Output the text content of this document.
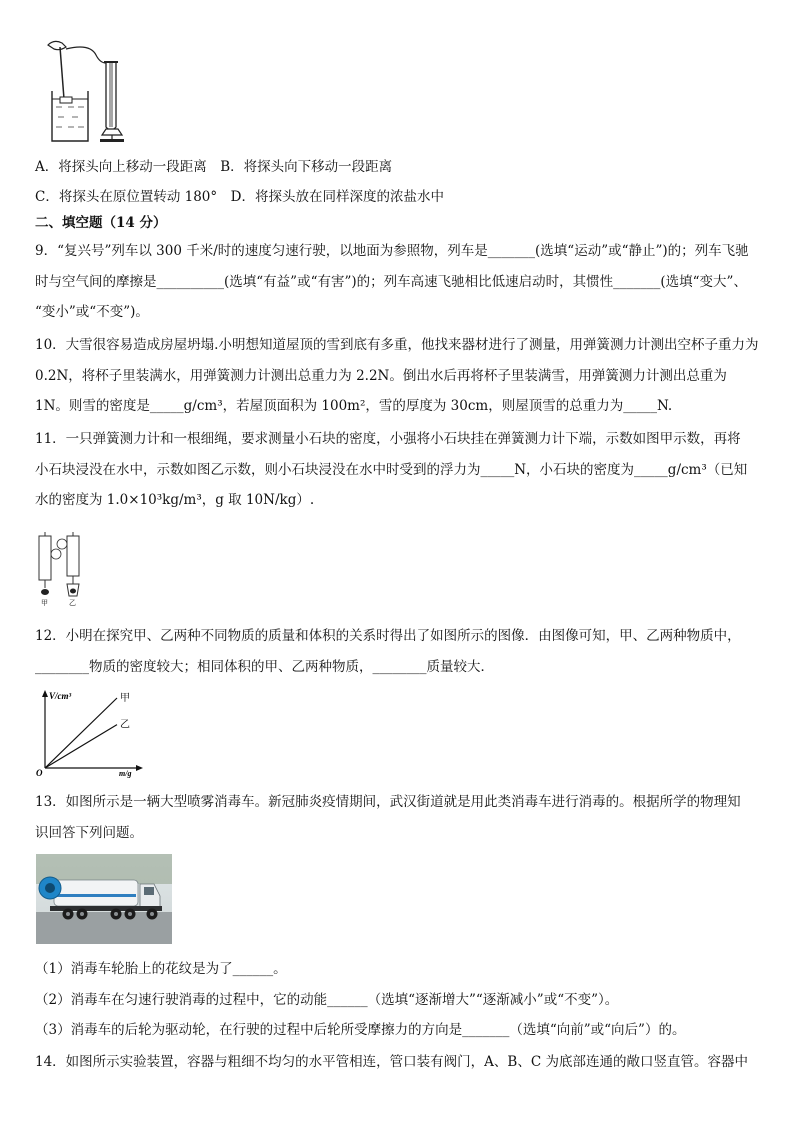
A．将探头向上移动一段距离　B．将探头向下移动一段距离
C．将探头在原位置转动 180°　D．将探头放在同样深度的浓盐水中
二、填空题（14 分）
9．“复兴号”列车以 300 千米/时的速度匀速行驶，以地面为参照物，列车是_______(选填“运动”或“静止”)的；列车飞驰
时与空气间的摩擦是__________(选填“有益”或“有害”)的；列车高速飞驰相比低速启动时，其惯性_______(选填“变大”、
“变小”或“不变”)。
10．大雪很容易造成房屋坍塌.小明想知道屋顶的雪到底有多重，他找来器材进行了测量，用弹簧测力计测出空杯子重力为
0.2N，将杯子里装满水，用弹簧测力计测出总重力为 2.2N。倒出水后再将杯子里装满雪，用弹簧测力计测出总重为
1N。则雪的密度是_____g/cm³，若屋顶面积为 100m²，雪的厚度为 30cm，则屋顶雪的总重力为_____N.
11．一只弹簧测力计和一根细绳，要求测量小石块的密度，小强将小石块挂在弹簧测力计下端，示数如图甲示数，再将
小石块浸没在水中，示数如图乙示数，则小石块浸没在水中时受到的浮力为_____N，小石块的密度为_____g/cm³（已知
水的密度为 1.0×10³kg/m³，g 取 10N/kg）.
甲	乙
12．小明在探究甲、乙两种不同物质的质量和体积的关系时得出了如图所示的图像．由图像可知，甲、乙两种物质中，
________物质的密度较大；相同体积的甲、乙两种物质，________质量较大．
V/cm³
m/g
O
甲
乙
13．如图所示是一辆大型喷雾消毒车。新冠肺炎疫情期间，武汉街道就是用此类消毒车进行消毒的。根据所学的物理知
识回答下列问题。
（1）消毒车轮胎上的花纹是为了______。
（2）消毒车在匀速行驶消毒的过程中，它的动能______（选填“逐渐增大”“逐渐减小”或“不变”）。
（3）消毒车的后轮为驱动轮，在行驶的过程中后轮所受摩擦力的方向是_______（选填“向前”或“向后”）的。
14．如图所示实验装置，容器与粗细不均匀的水平管相连，管口装有阀门，A、B、C 为底部连通的敞口竖直管。容器中
